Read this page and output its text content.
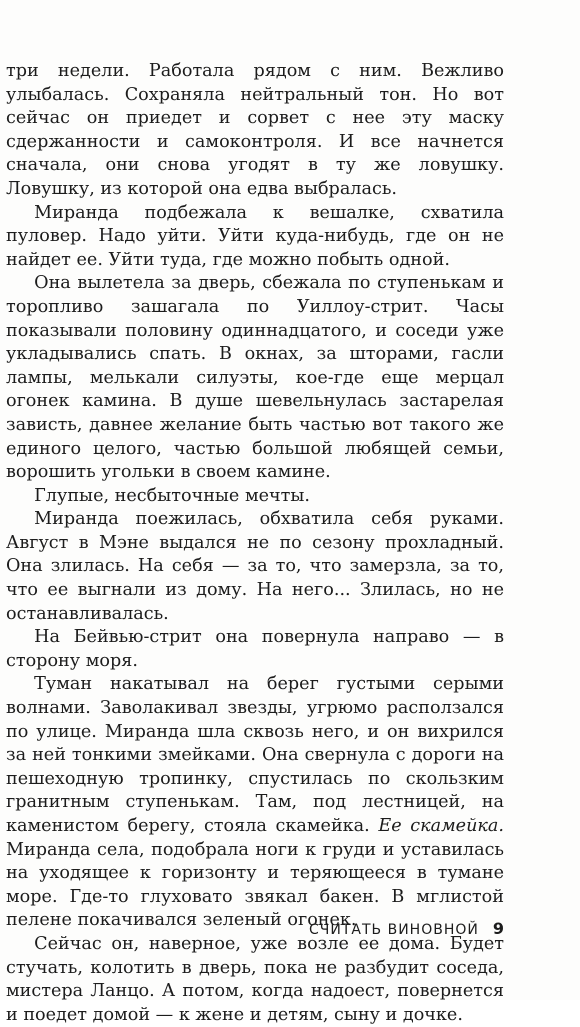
три недели. Работала рядом с ним. Вежливо улыбалась. Сохраняла нейтральный тон. Но вот сейчас он приедет и сорвет с нее эту маску сдержанности и самоконтроля. И все начнется сначала, они снова угодят в ту же ловушку. Ловушку, из которой она едва выбралась.

Миранда подбежала к вешалке, схватила пуловер. Надо уйти. Уйти куда-нибудь, где он не найдет ее. Уйти туда, где можно побыть одной.

Она вылетела за дверь, сбежала по ступенькам и торопливо зашагала по Уиллоу-стрит. Часы показывали половину одиннадцатого, и соседи уже укладывались спать. В окнах, за шторами, гасли лампы, мелькали силуэты, кое-где еще мерцал огонек камина. В душе шевельнулась застарелая зависть, давнее желание быть частью вот такого же единого целого, частью большой любящей семьи, ворошить угольки в своем камине.

Глупые, несбыточные мечты.

Миранда поежилась, обхватила себя руками. Август в Мэне выдался не по сезону прохладный. Она злилась. На себя — за то, что замерзла, за то, что ее выгнали из дому. На него... Злилась, но не останавливалась.

На Бейвью-стрит она повернула направо — в сторону моря.

Туман накатывал на берег густыми серыми волнами. Заволакивал звезды, угрюмо расползался по улице. Миранда шла сквозь него, и он вихрился за ней тонкими змейками. Она свернула с дороги на пешеходную тропинку, спустилась по скользким гранитным ступенькам. Там, под лестницей, на каменистом берегу, стояла скамейка. Ее скамейка. Миранда села, подобрала ноги к груди и уставилась на уходящее к горизонту и теряющееся в тумане море. Где-то глуховато звякал бакен. В мглистой пелене покачивался зеленый огонек.

Сейчас он, наверное, уже возле ее дома. Будет стучать, колотить в дверь, пока не разбудит соседа, мистера Ланцо. А потом, когда надоест, повернется и поедет домой — к жене и детям, сыну и дочке.

СЧИТАТЬ ВИНОВНОЙ 9
